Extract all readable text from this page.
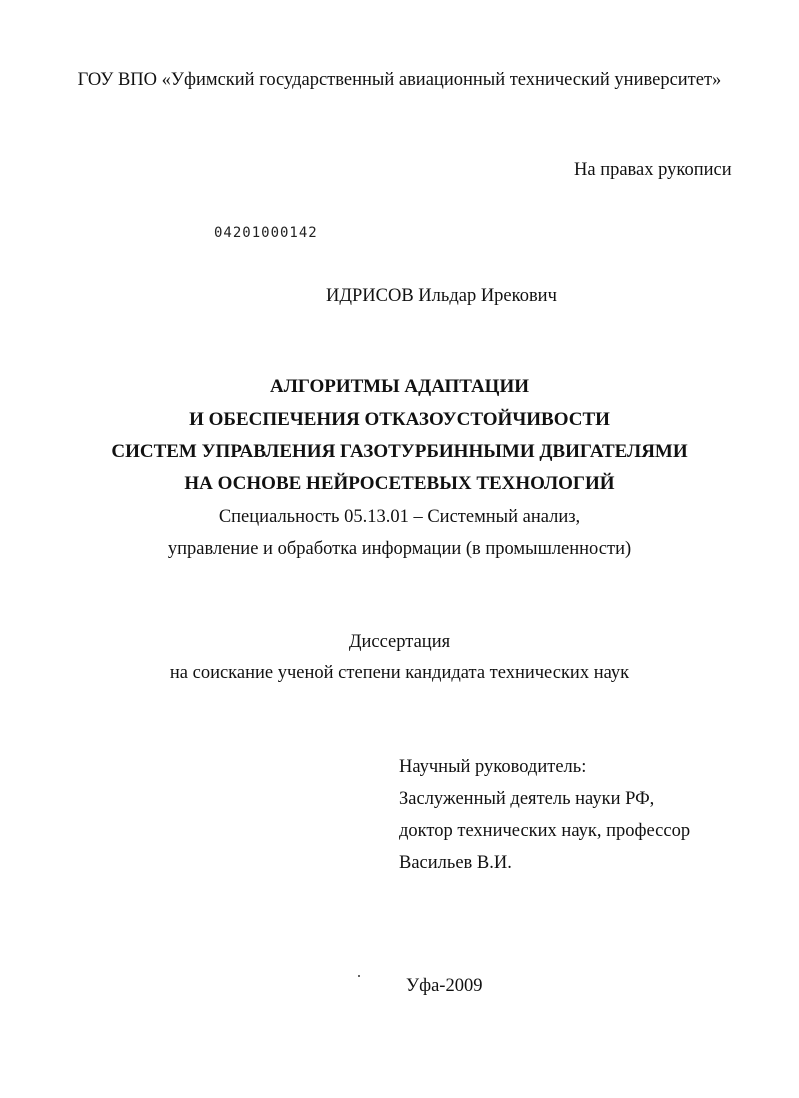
ГОУ ВПО «Уфимский государственный авиационный технический университет»
На правах рукописи
04201000142
ИДРИСОВ Ильдар Ирекович
АЛГОРИТМЫ АДАПТАЦИИ
И ОБЕСПЕЧЕНИЯ ОТКАЗОУСТОЙЧИВОСТИ
СИСТЕМ УПРАВЛЕНИЯ ГАЗОТУРБИННЫМИ ДВИГАТЕЛЯМИ
НА ОСНОВЕ НЕЙРОСЕТЕВЫХ ТЕХНОЛОГИЙ
Специальность 05.13.01 – Системный анализ,
управление и обработка информации (в промышленности)
Диссертация
на соискание ученой степени кандидата технических наук
Научный руководитель:
Заслуженный деятель науки РФ,
доктор технических наук, профессор
Васильев В.И.
Уфа-2009
